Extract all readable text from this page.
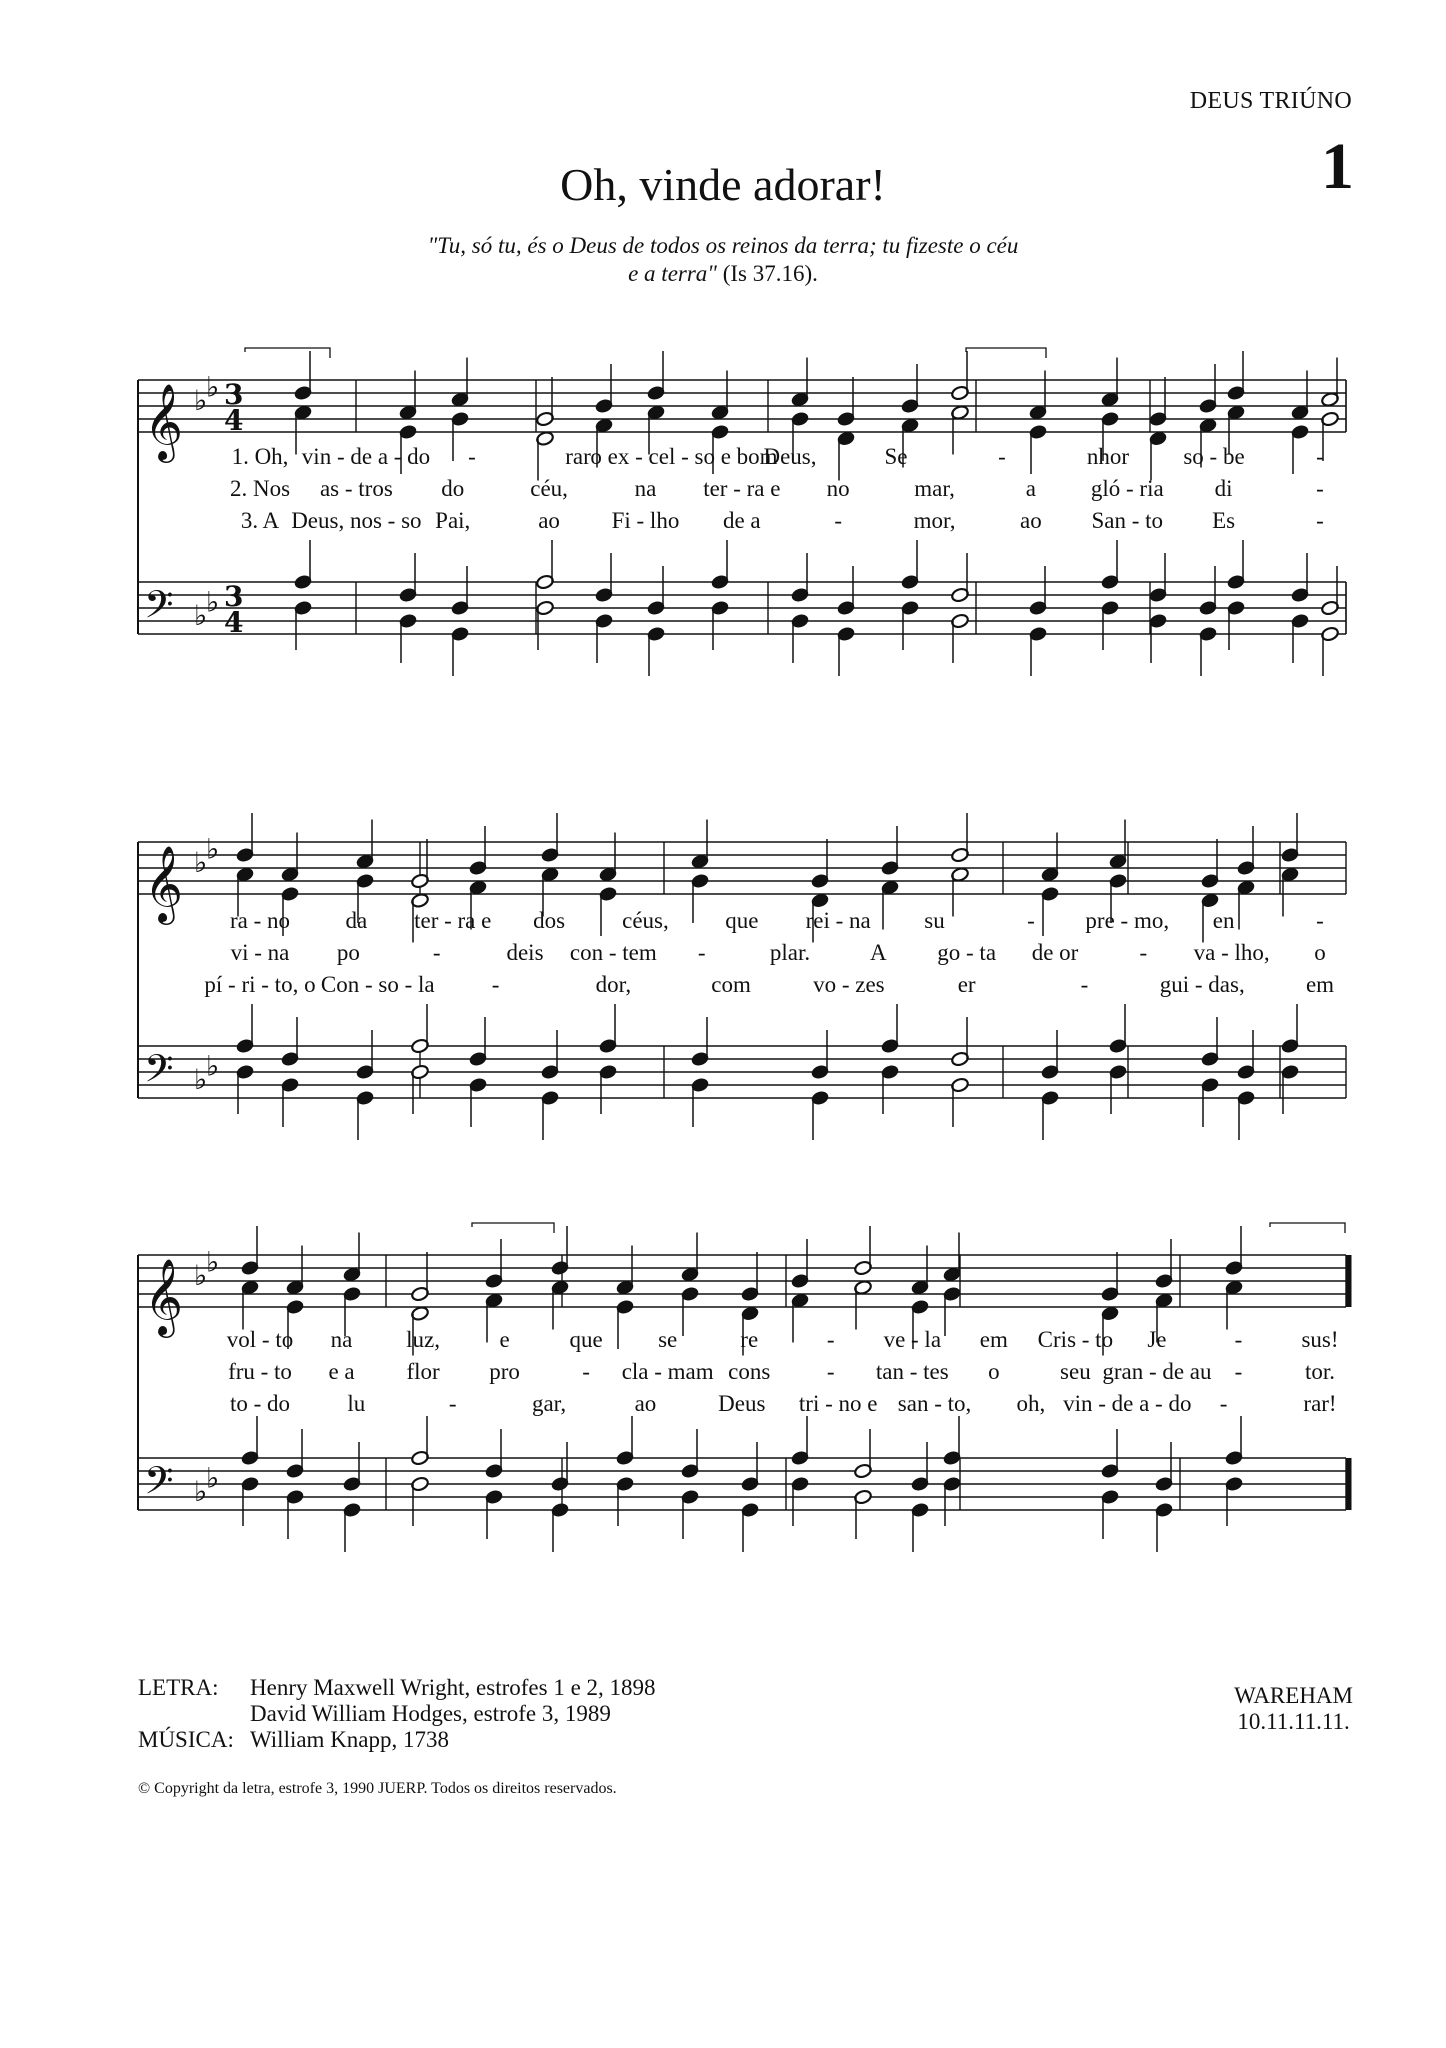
DEUS TRIÚNO
1
Oh, vinde adorar!
"Tu, só tu, és o Deus de todos os reinos da terra; tu fizeste o céu
e a terra" (Is 37.16).
𝄞
𝄢
♭
♭
♭
♭
3
4
3
4
𝄞
𝄢
♭
♭
♭
♭
𝄞
𝄢
♭
♭
♭
♭
LETRA:	Henry Maxwell Wright, estrofes 1 e 2, 1898
David William Hodges, estrofe 3, 1989
MÚSICA: William Knapp, 1738
WAREHAM
10.11.11.11.
© Copyright da letra, estrofe 3, 1990 JUERP. Todos os direitos reservados.
1. Oh, vin - de a - do -	rar o ex - cel - so e bom
Deus,	Se	-	nhor so - be	-
2. Nos as - tros do	céu,	na ter - ra e no	mar,	a gló - ria di	-
3. A Deus, nos - so Pai,	ao Fi - lho de a	-	mor,	ao San - to Es	-
ra - no da ter - ra e dos céus, que rei - na su	- pre - mo, en	-
vi - na po	-	deis con - tem -	plar.	A go - ta de or	- va - lho, o
pí - ri - to, o Con - so - la -	dor,	com	vo - zes	er	-	gui - das,	em
vol - to na luz,	e	que se	re	- ve - la em Cris - to Je	-	sus!
fru - to e a flor pro	- cla - mam cons - tan - tes o	seu gran - de au -	tor.
to - do lu	-	gar,	ao	Deus tri - no e san - to, oh, vin - de a - do -	rar!
